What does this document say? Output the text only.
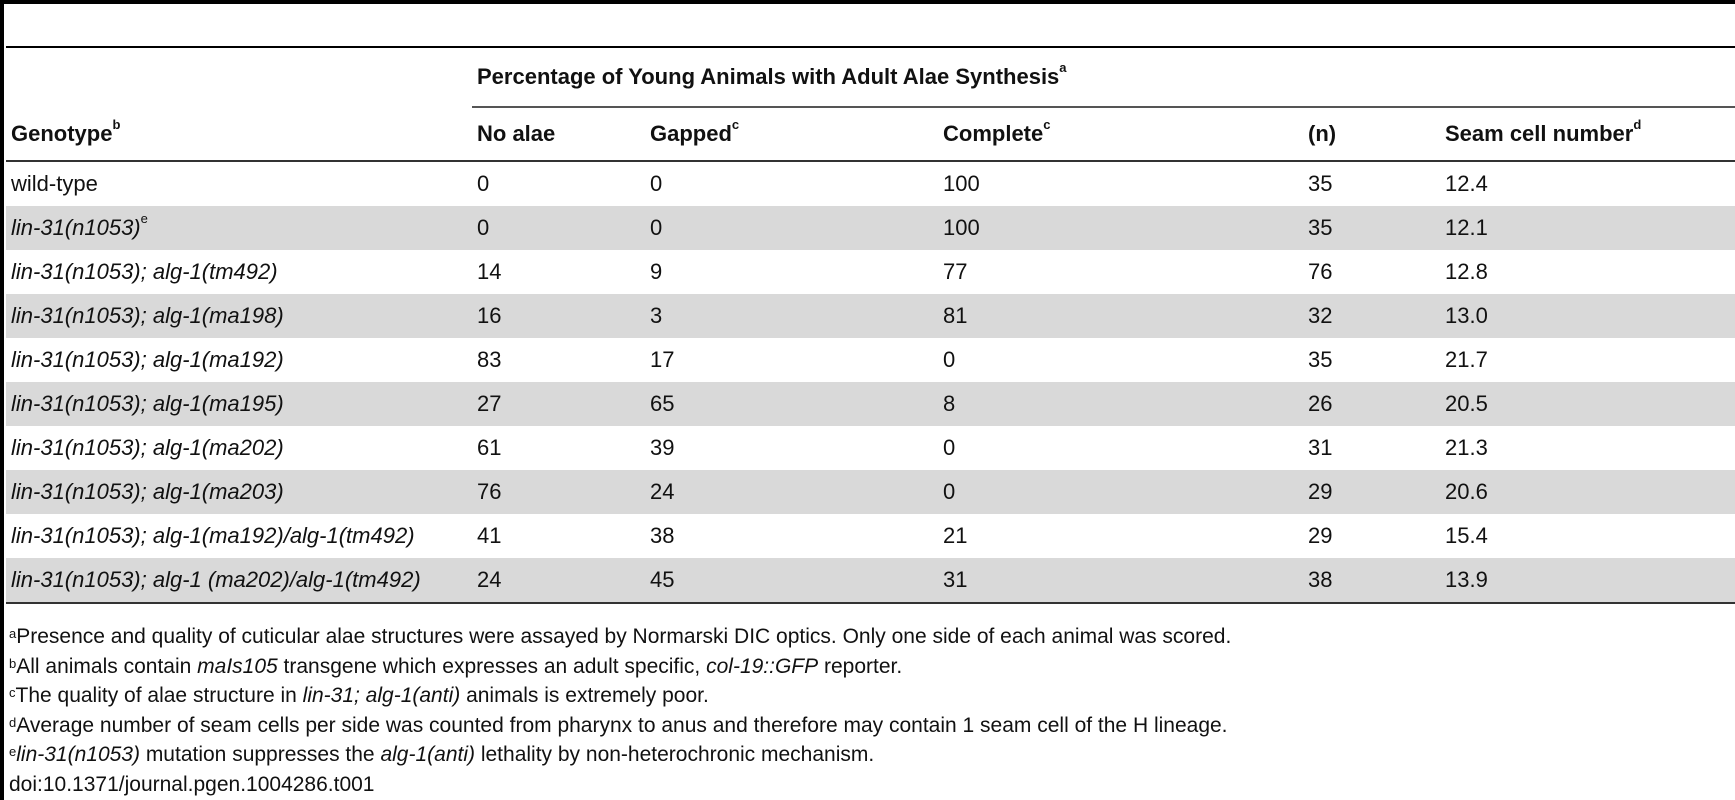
	Percentage of Young Animals with Adult Alae Synthesis$^a$
Genotype$^b$	No alae	Gapped$^c$	Complete$^c$	(n)	Seam cell number$^d$
wild-type	0	0	100	35	12.4
lin-$31(n1053)^e$	0	0	100	35	12.1
lin-31(n1053); alg-1(tm492)	14	9	77	76	12.8
lin-31(n1053); alg-1(ma198)	16	3	81	32	13.0
lin-31(n1053); alg-1(ma192)	83	17	0	35	21.7
lin-31(n1053); alg-1(ma195)	27	65	8	26	20.5
lin-31(n1053); alg-1(ma202)	61	39	0	31	21.3
lin-31(n1053); alg-1(ma203)	76	24	0	29	20.6
lin-31(n1053); alg-1(ma192)/alg-1(tm492)	41	38	21	29	15.4
lin-31(n1053); alg-1 (ma202)/alg-1(tm492)	24	45	31	38	13.9
$^a$Presence and quality of cuticular alae structures were assayed by Normarski DIC optics. Only one side of each animal was scored.
$^b$All animals contain maIs105 transgene which expresses an adult specific, col-19::GFP reporter.
$^c$The quality of alae structure in lin-31; alg-1(anti) animals is extremely poor.
$^d$Average number of seam cells per side was counted from pharynx to anus and therefore may contain 1 seam cell of the H lineage.
$^e$lin-31(n1053) mutation suppresses the alg-1(anti) lethality by non-heterochronic mechanism.
doi:10.1371/journal.pgen.1004286.t001
